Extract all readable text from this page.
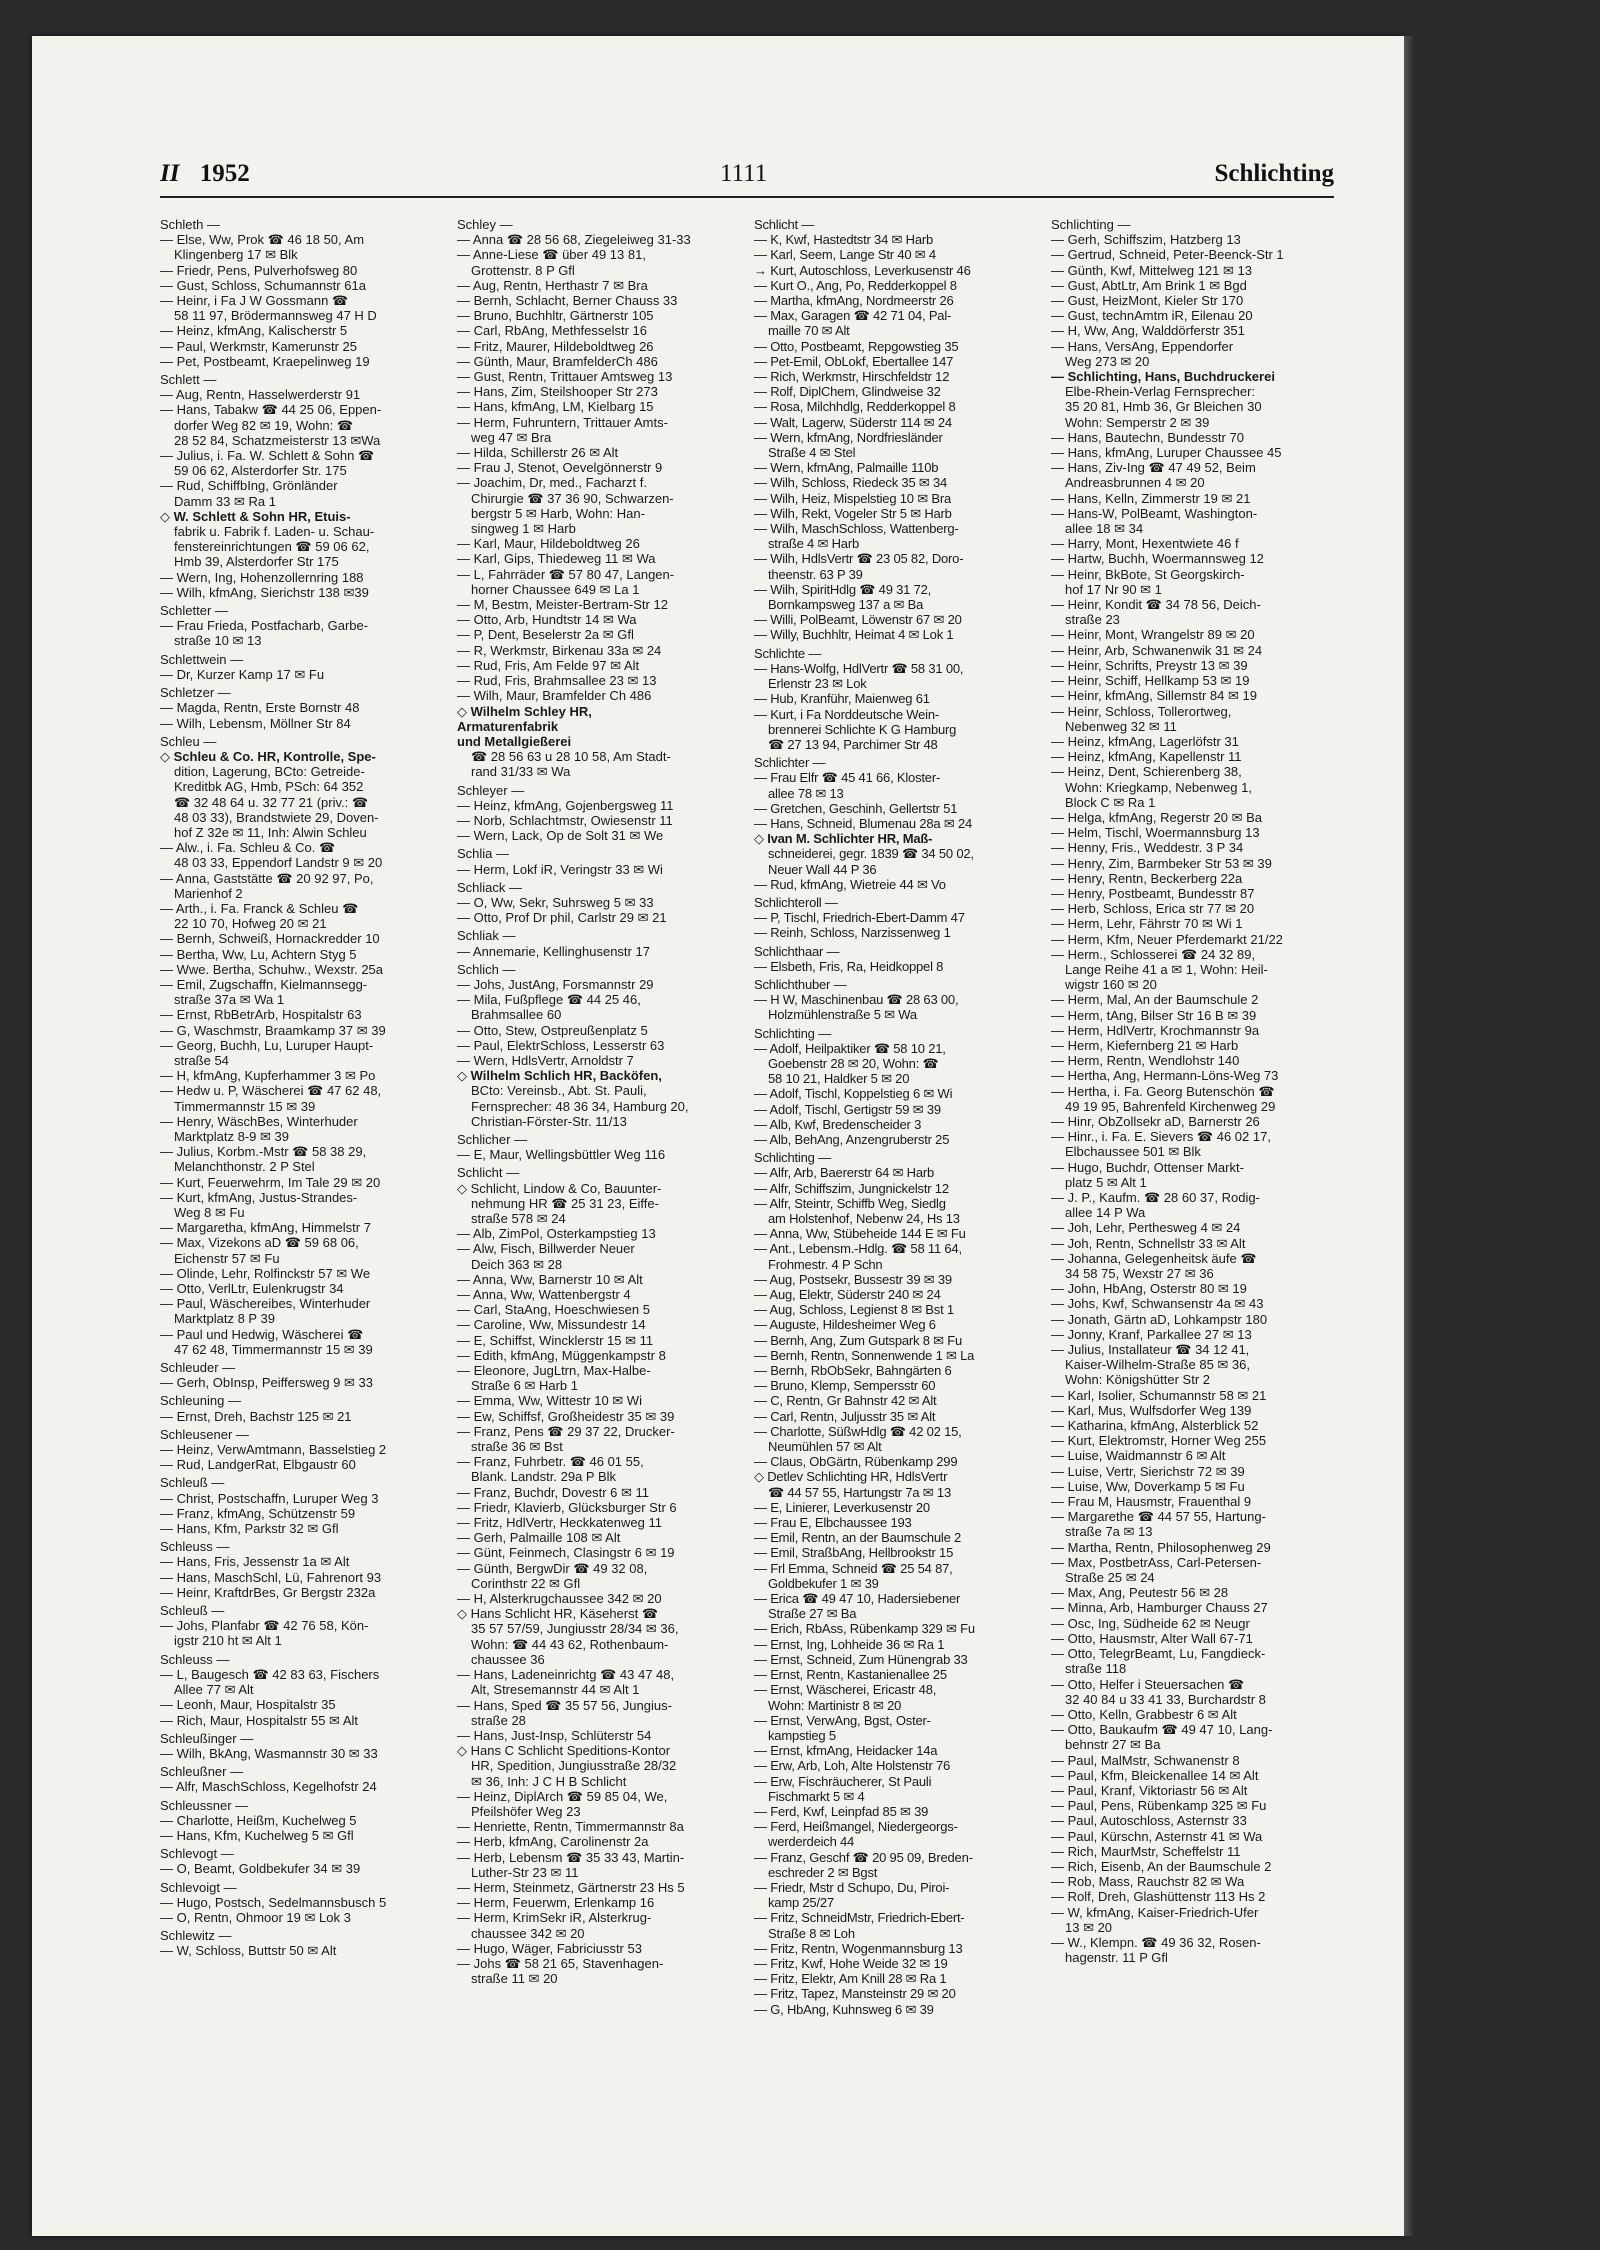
II 1952	1111	Schlichting
Schleth —
— Else, Ww, Prok ☎ 46 18 50, Am
Klingenberg 17 ✉ Blk
— Friedr, Pens, Pulverhofsweg 80
— Gust, Schloss, Schumannstr 61a
— Heinr, i Fa J W Gossmann ☎
58 11 97, Brödermannsweg 47 H D
— Heinz, kfmAng, Kalischerstr 5
— Paul, Werkmstr, Kamerunstr 25
— Pet, Postbeamt, Kraepelinweg 19
Schlett —
— Aug, Rentn, Hasselwerderstr 91
— Hans, Tabakw ☎ 44 25 06, Eppen-
dorfer Weg 82 ✉ 19, Wohn: ☎
28 52 84, Schatzmeisterstr 13 ✉Wa
— Julius, i. Fa. W. Schlett & Sohn ☎
59 06 62, Alsterdorfer Str. 175
— Rud, SchiffbIng, Grönländer
Damm 33 ✉ Ra 1
◇ W. Schlett & Sohn HR, Etuis-
fabrik u. Fabrik f. Laden- u. Schau-
fenstereinrichtungen ☎ 59 06 62,
Hmb 39, Alsterdorfer Str 175
— Wern, Ing, Hohenzollernring 188
— Wilh, kfmAng, Sierichstr 138 ✉39
Schletter —
— Frau Frieda, Postfacharb, Garbe-
straße 10 ✉ 13
Schlettwein —
— Dr, Kurzer Kamp 17 ✉ Fu
Schletzer —
— Magda, Rentn, Erste Bornstr 48
— Wilh, Lebensm, Möllner Str 84
Schleu —
◇ Schleu & Co. HR, Kontrolle, Spe-
dition, Lagerung, BCto: Getreide-
Kreditbk AG, Hmb, PSch: 64 352
☎ 32 48 64 u. 32 77 21 (priv.: ☎
48 03 33), Brandstwiete 29, Doven-
hof Z 32e ✉ 11, Inh: Alwin Schleu
— Alw., i. Fa. Schleu & Co. ☎
48 03 33, Eppendorf Landstr 9 ✉ 20
— Anna, Gaststätte ☎ 20 92 97, Po,
Marienhof 2
— Arth., i. Fa. Franck & Schleu ☎
22 10 70, Hofweg 20 ✉ 21
— Bernh, Schweiß, Hornackredder 10
— Bertha, Ww, Lu, Achtern Styg 5
— Wwe. Bertha, Schuhw., Wexstr. 25a
— Emil, Zugschaffn, Kielmannsegg-
straße 37a ✉ Wa 1
— Ernst, RbBetrArb, Hospitalstr 63
— G, Waschmstr, Braamkamp 37 ✉ 39
— Georg, Buchh, Lu, Luruper Haupt-
straße 54
— H, kfmAng, Kupferhammer 3 ✉ Po
— Hedw u. P, Wäscherei ☎ 47 62 48,
Timmermannstr 15 ✉ 39
— Henry, WäschBes, Winterhuder
Marktplatz 8-9 ✉ 39
— Julius, Korbm.-Mstr ☎ 58 38 29,
Melanchthonstr. 2 P Stel
— Kurt, Feuerwehrm, Im Tale 29 ✉ 20
— Kurt, kfmAng, Justus-Strandes-
Weg 8 ✉ Fu
— Margaretha, kfmAng, Himmelstr 7
— Max, Vizekons aD ☎ 59 68 06,
Eichenstr 57 ✉ Fu
— Olinde, Lehr, Rolfinckstr 57 ✉ We
— Otto, VerlLtr, Eulenkrugstr 34
— Paul, Wäschereibes, Winterhuder
Marktplatz 8 P 39
— Paul und Hedwig, Wäscherei ☎
47 62 48, Timmermannstr 15 ✉ 39
Schleuder —
— Gerh, ObInsp, Peiffersweg 9 ✉ 33
Schleuning —
— Ernst, Dreh, Bachstr 125 ✉ 21
Schleusener —
— Heinz, VerwAmtmann, Basselstieg 2
— Rud, LandgerRat, Elbgaustr 60
Schleuß —
— Christ, Postschaffn, Luruper Weg 3
— Franz, kfmAng, Schützenstr 59
— Hans, Kfm, Parkstr 32 ✉ Gfl
Schleuss —
— Hans, Fris, Jessenstr 1a ✉ Alt
— Hans, MaschSchl, Lü, Fahrenort 93
— Heinr, KraftdrBes, Gr Bergstr 232a
Schleuß —
— Johs, Planfabr ☎ 42 76 58, Kön-
igstr 210 ht ✉ Alt 1
Schleuss —
— L, Baugesch ☎ 42 83 63, Fischers
Allee 77 ✉ Alt
— Leonh, Maur, Hospitalstr 35
— Rich, Maur, Hospitalstr 55 ✉ Alt
Schleußinger —
— Wilh, BkAng, Wasmannstr 30 ✉ 33
Schleußner —
— Alfr, MaschSchloss, Kegelhofstr 24
Schleussner —
— Charlotte, Heißm, Kuchelweg 5
— Hans, Kfm, Kuchelweg 5 ✉ Gfl
Schlevogt —
— O, Beamt, Goldbekufer 34 ✉ 39
Schlevoigt —
— Hugo, Postsch, Sedelmannsbusch 5
— O, Rentn, Ohmoor 19 ✉ Lok 3
Schlewitz —
— W, Schloss, Buttstr 50 ✉ Alt
Schley —
— Anna ☎ 28 56 68, Ziegeleiweg 31-33
— Anne-Liese ☎ über 49 13 81,
Grottenstr. 8 P Gfl
— Aug, Rentn, Herthastr 7 ✉ Bra
— Bernh, Schlacht, Berner Chauss 33
— Bruno, Buchhltr, Gärtnerstr 105
— Carl, RbAng, Methfesselstr 16
— Fritz, Maurer, Hildeboldtweg 26
— Günth, Maur, BramfelderCh 486
— Gust, Rentn, Trittauer Amtsweg 13
— Hans, Zim, Steilshooper Str 273
— Hans, kfmAng, LM, Kielbarg 15
— Herm, Fuhruntern, Trittauer Amts-
weg 47 ✉ Bra
— Hilda, Schillerstr 26 ✉ Alt
— Frau J, Stenot, Oevelgönnerstr 9
— Joachim, Dr, med., Facharzt f.
Chirurgie ☎ 37 36 90, Schwarzen-
bergstr 5 ✉ Harb, Wohn: Han-
singweg 1 ✉ Harb
— Karl, Maur, Hildeboldtweg 26
— Karl, Gips, Thiedeweg 11 ✉ Wa
— L, Fahrräder ☎ 57 80 47, Langen-
horner Chaussee 649 ✉ La 1
— M, Bestm, Meister-Bertram-Str 12
— Otto, Arb, Hundtstr 14 ✉ Wa
— P, Dent, Beselerstr 2a ✉ Gfl
— R, Werkmstr, Birkenau 33a ✉ 24
— Rud, Fris, Am Felde 97 ✉ Alt
— Rud, Fris, Brahmsallee 23 ✉ 13
— Wilh, Maur, Bramfelder Ch 486
◇ Wilhelm Schley HR,
Armaturenfabrik
und Metallgießerei
☎ 28 56 63 u 28 10 58, Am Stadt-
rand 31/33 ✉ Wa
Schleyer —
— Heinz, kfmAng, Gojenbergsweg 11
— Norb, Schlachtmstr, Owiesenstr 11
— Wern, Lack, Op de Solt 31 ✉ We
Schlia —
— Herm, Lokf iR, Veringstr 33 ✉ Wi
Schliack —
— O, Ww, Sekr, Suhrsweg 5 ✉ 33
— Otto, Prof Dr phil, Carlstr 29 ✉ 21
Schliak —
— Annemarie, Kellinghusenstr 17
Schlich —
— Johs, JustAng, Forsmannstr 29
— Mila, Fußpflege ☎ 44 25 46,
Brahmsallee 60
— Otto, Stew, Ostpreußenplatz 5
— Paul, ElektrSchloss, Lesserstr 63
— Wern, HdlsVertr, Arnoldstr 7
◇ Wilhelm Schlich HR, Backöfen,
BCto: Vereinsb., Abt. St. Pauli,
Fernsprecher: 48 36 34, Hamburg 20,
Christian-Förster-Str. 11/13
Schlicher —
— E, Maur, Wellingsbüttler Weg 116
Schlicht —
◇ Schlicht, Lindow & Co, Bauunter-
nehmung HR ☎ 25 31 23, Eiffe-
straße 578 ✉ 24
— Alb, ZimPol, Osterkampstieg 13
— Alw, Fisch, Billwerder Neuer
Deich 363 ✉ 28
— Anna, Ww, Barnerstr 10 ✉ Alt
— Anna, Ww, Wattenbergstr 4
— Carl, StaAng, Hoeschwiesen 5
— Caroline, Ww, Missundestr 14
— E, Schiffst, Wincklerstr 15 ✉ 11
— Edith, kfmAng, Müggenkampstr 8
— Eleonore, JugLtrn, Max-Halbe-
Straße 6 ✉ Harb 1
— Emma, Ww, Wittestr 10 ✉ Wi
— Ew, Schiffsf, Großheidestr 35 ✉ 39
— Franz, Pens ☎ 29 37 22, Drucker-
straße 36 ✉ Bst
— Franz, Fuhrbetr. ☎ 46 01 55,
Blank. Landstr. 29a P Blk
— Franz, Buchdr, Dovestr 6 ✉ 11
— Friedr, Klavierb, Glücksburger Str 6
— Fritz, HdlVertr, Heckkatenweg 11
— Gerh, Palmaille 108 ✉ Alt
— Günt, Feinmech, Clasingstr 6 ✉ 19
— Günth, BergwDir ☎ 49 32 08,
Corinthstr 22 ✉ Gfl
— H, Alsterkrugchaussee 342 ✉ 20
◇ Hans Schlicht HR, Käseherst ☎
35 57 57/59, Jungiusstr 28/34 ✉ 36,
Wohn: ☎ 44 43 62, Rothenbaum-
chaussee 36
— Hans, Ladeneinrichtg ☎ 43 47 48,
Alt, Stresemannstr 44 ✉ Alt 1
— Hans, Sped ☎ 35 57 56, Jungius-
straße 28
— Hans, Just-Insp, Schlüterstr 54
◇ Hans C Schlicht Speditions-Kontor
HR, Spedition, Jungiusstraße 28/32
✉ 36, Inh: J C H B Schlicht
— Heinz, DiplArch ☎ 59 85 04, We,
Pfeilshöfer Weg 23
— Henriette, Rentn, Timmermannstr 8a
— Herb, kfmAng, Carolinenstr 2a
— Herb, Lebensm ☎ 35 33 43, Martin-
Luther-Str 23 ✉ 11
— Herm, Steinmetz, Gärtnerstr 23 Hs 5
— Herm, Feuerwm, Erlenkamp 16
— Herm, KrimSekr iR, Alsterkrug-
chaussee 342 ✉ 20
— Hugo, Wäger, Fabriciusstr 53
— Johs ☎ 58 21 65, Stavenhagen-
straße 11 ✉ 20
Schlicht —
— K, Kwf, Hastedtstr 34 ✉ Harb
— Karl, Seem, Lange Str 40 ✉ 4
→ Kurt, Autoschloss, Leverkusenstr 46
— Kurt O., Ang, Po, Redderkoppel 8
— Martha, kfmAng, Nordmeerstr 26
— Max, Garagen ☎ 42 71 04, Pal-
maille 70 ✉ Alt
— Otto, Postbeamt, Repgowstieg 35
— Pet-Emil, ObLokf, Ebertallee 147
— Rich, Werkmstr, Hirschfeldstr 12
— Rolf, DiplChem, Glindweise 32
— Rosa, Milchhdlg, Redderkoppel 8
— Walt, Lagerw, Süderstr 114 ✉ 24
— Wern, kfmAng, Nordfriesländer
Straße 4 ✉ Stel
— Wern, kfmAng, Palmaille 110b
— Wilh, Schloss, Riedeck 35 ✉ 34
— Wilh, Heiz, Mispelstieg 10 ✉ Bra
— Wilh, Rekt, Vogeler Str 5 ✉ Harb
— Wilh, MaschSchloss, Wattenberg-
straße 4 ✉ Harb
— Wilh, HdlsVertr ☎ 23 05 82, Doro-
theenstr. 63 P 39
— Wilh, SpiritHdlg ☎ 49 31 72,
Bornkampsweg 137 a ✉ Ba
— Willi, PolBeamt, Löwenstr 67 ✉ 20
— Willy, Buchhltr, Heimat 4 ✉ Lok 1
Schlichte —
— Hans-Wolfg, HdlVertr ☎ 58 31 00,
Erlenstr 23 ✉ Lok
— Hub, Kranführ, Maienweg 61
— Kurt, i Fa Norddeutsche Wein-
brennerei Schlichte K G Hamburg
☎ 27 13 94, Parchimer Str 48
Schlichter —
— Frau Elfr ☎ 45 41 66, Kloster-
allee 78 ✉ 13
— Gretchen, Geschinh, Gellertstr 51
— Hans, Schneid, Blumenau 28a ✉ 24
◇ Ivan M. Schlichter HR, Maß-
schneiderei, gegr. 1839 ☎ 34 50 02,
Neuer Wall 44 P 36
— Rud, kfmAng, Wietreie 44 ✉ Vo
Schlichteroll —
— P, Tischl, Friedrich-Ebert-Damm 47
— Reinh, Schloss, Narzissenweg 1
Schlichthaar —
— Elsbeth, Fris, Ra, Heidkoppel 8
Schlichthuber —
— H W, Maschinenbau ☎ 28 63 00,
Holzmühlenstraße 5 ✉ Wa
Schlichting —
— Adolf, Heilpaktiker ☎ 58 10 21,
Goebenstr 28 ✉ 20, Wohn: ☎
58 10 21, Haldker 5 ✉ 20
— Adolf, Tischl, Koppelstieg 6 ✉ Wi
— Adolf, Tischl, Gertigstr 59 ✉ 39
— Alb, Kwf, Bredenscheider 3
— Alb, BehAng, Anzengruberstr 25
Schlichting —
— Alfr, Arb, Baererstr 64 ✉ Harb
— Alfr, Schiffszim, Jungnickelstr 12
— Alfr, Steintr, Schiffb Weg, Siedlg
am Holstenhof, Nebenw 24, Hs 13
— Anna, Ww, Stübeheide 144 E ✉ Fu
— Ant., Lebensm.-Hdlg. ☎ 58 11 64,
Frohmestr. 4 P Schn
— Aug, Postsekr, Bussestr 39 ✉ 39
— Aug, Elektr, Süderstr 240 ✉ 24
— Aug, Schloss, Legienst 8 ✉ Bst 1
— Auguste, Hildesheimer Weg 6
— Bernh, Ang, Zum Gutspark 8 ✉ Fu
— Bernh, Rentn, Sonnenwende 1 ✉ La
— Bernh, RbObSekr, Bahngärten 6
— Bruno, Klemp, Sempersstr 60
— C, Rentn, Gr Bahnstr 42 ✉ Alt
— Carl, Rentn, Juljusstr 35 ✉ Alt
— Charlotte, SüßwHdlg ☎ 42 02 15,
Neumühlen 57 ✉ Alt
— Claus, ObGärtn, Rübenkamp 299
◇ Detlev Schlichting HR, HdlsVertr
☎ 44 57 55, Hartungstr 7a ✉ 13
— E, Linierer, Leverkusenstr 20
— Frau E, Elbchaussee 193
— Emil, Rentn, an der Baumschule 2
— Emil, StraßbAng, Hellbrookstr 15
— Frl Emma, Schneid ☎ 25 54 87,
Goldbekufer 1 ✉ 39
— Erica ☎ 49 47 10, Hadersiebener
Straße 27 ✉ Ba
— Erich, RbAss, Rübenkamp 329 ✉ Fu
— Ernst, Ing, Lohheide 36 ✉ Ra 1
— Ernst, Schneid, Zum Hünengrab 33
— Ernst, Rentn, Kastanienallee 25
— Ernst, Wäscherei, Ericastr 48,
Wohn: Martinistr 8 ✉ 20
— Ernst, VerwAng, Bgst, Oster-
kampstieg 5
— Ernst, kfmAng, Heidacker 14a
— Erw, Arb, Loh, Alte Holstenstr 76
— Erw, Fischräucherer, St Pauli
Fischmarkt 5 ✉ 4
— Ferd, Kwf, Leinpfad 85 ✉ 39
— Ferd, Heißmangel, Niedergeorgs-
werderdeich 44
— Franz, Geschf ☎ 20 95 09, Breden-
eschreder 2 ✉ Bgst
— Friedr, Mstr d Schupo, Du, Piroi-
kamp 25/27
— Fritz, SchneidMstr, Friedrich-Ebert-
Straße 8 ✉ Loh
— Fritz, Rentn, Wogenmannsburg 13
— Fritz, Kwf, Hohe Weide 32 ✉ 19
— Fritz, Elektr, Am Knill 28 ✉ Ra 1
— Fritz, Tapez, Mansteinstr 29 ✉ 20
— G, HbAng, Kuhnsweg 6 ✉ 39
Schlichting —
— Gerh, Schiffszim, Hatzberg 13
— Gertrud, Schneid, Peter-Beenck-Str 1
— Günth, Kwf, Mittelweg 121 ✉ 13
— Gust, AbtLtr, Am Brink 1 ✉ Bgd
— Gust, HeizMont, Kieler Str 170
— Gust, technAmtm iR, Eilenau 20
— H, Ww, Ang, Walddörferstr 351
— Hans, VersAng, Eppendorfer
Weg 273 ✉ 20
— Schlichting, Hans, Buchdruckerei
Elbe-Rhein-Verlag Fernsprecher:
35 20 81, Hmb 36, Gr Bleichen 30
Wohn: Semperstr 2 ✉ 39
— Hans, Bautechn, Bundesstr 70
— Hans, kfmAng, Luruper Chaussee 45
— Hans, Ziv-Ing ☎ 47 49 52, Beim
Andreasbrunnen 4 ✉ 20
— Hans, Kelln, Zimmerstr 19 ✉ 21
— Hans-W, PolBeamt, Washington-
allee 18 ✉ 34
— Harry, Mont, Hexentwiete 46 f
— Hartw, Buchh, Woermannsweg 12
— Heinr, BkBote, St Georgskirch-
hof 17 Nr 90 ✉ 1
— Heinr, Kondit ☎ 34 78 56, Deich-
straße 23
— Heinr, Mont, Wrangelstr 89 ✉ 20
— Heinr, Arb, Schwanenwik 31 ✉ 24
— Heinr, Schrifts, Preystr 13 ✉ 39
— Heinr, Schiff, Hellkamp 53 ✉ 19
— Heinr, kfmAng, Sillemstr 84 ✉ 19
— Heinr, Schloss, Tollerortweg,
Nebenweg 32 ✉ 11
— Heinz, kfmAng, Lagerlöfstr 31
— Heinz, kfmAng, Kapellenstr 11
— Heinz, Dent, Schierenberg 38,
Wohn: Kriegkamp, Nebenweg 1,
Block C ✉ Ra 1
— Helga, kfmAng, Regerstr 20 ✉ Ba
— Helm, Tischl, Woermannsburg 13
— Henny, Fris., Weddestr. 3 P 34
— Henry, Zim, Barmbeker Str 53 ✉ 39
— Henry, Rentn, Beckerberg 22a
— Henry, Postbeamt, Bundesstr 87
— Herb, Schloss, Erica str 77 ✉ 20
— Herm, Lehr, Fährstr 70 ✉ Wi 1
— Herm, Kfm, Neuer Pferdemarkt 21/22
— Herm., Schlosserei ☎ 24 32 89,
Lange Reihe 41 a ✉ 1, Wohn: Heil-
wigstr 160 ✉ 20
— Herm, Mal, An der Baumschule 2
— Herm, tAng, Bilser Str 16 B ✉ 39
— Herm, HdlVertr, Krochmannstr 9a
— Herm, Kiefernberg 21 ✉ Harb
— Herm, Rentn, Wendlohstr 140
— Hertha, Ang, Hermann-Löns-Weg 73
— Hertha, i. Fa. Georg Butenschön ☎
49 19 95, Bahrenfeld Kirchenweg 29
— Hinr, ObZollsekr aD, Barnerstr 26
— Hinr., i. Fa. E. Sievers ☎ 46 02 17,
Elbchaussee 501 ✉ Blk
— Hugo, Buchdr, Ottenser Markt-
platz 5 ✉ Alt 1
— J. P., Kaufm. ☎ 28 60 37, Rodig-
allee 14 P Wa
— Joh, Lehr, Perthesweg 4 ✉ 24
— Joh, Rentn, Schnellstr 33 ✉ Alt
— Johanna, Gelegenheitsk äufe ☎
34 58 75, Wexstr 27 ✉ 36
— John, HbAng, Osterstr 80 ✉ 19
— Johs, Kwf, Schwansenstr 4a ✉ 43
— Jonath, Gärtn aD, Lohkampstr 180
— Jonny, Kranf, Parkallee 27 ✉ 13
— Julius, Installateur ☎ 34 12 41,
Kaiser-Wilhelm-Straße 85 ✉ 36,
Wohn: Königshütter Str 2
— Karl, Isolier, Schumannstr 58 ✉ 21
— Karl, Mus, Wulfsdorfer Weg 139
— Katharina, kfmAng, Alsterblick 52
— Kurt, Elektromstr, Horner Weg 255
— Luise, Waidmannstr 6 ✉ Alt
— Luise, Vertr, Sierichstr 72 ✉ 39
— Luise, Ww, Doverkamp 5 ✉ Fu
— Frau M, Hausmstr, Frauenthal 9
— Margarethe ☎ 44 57 55, Hartung-
straße 7a ✉ 13
— Martha, Rentn, Philosophenweg 29
— Max, PostbetrAss, Carl-Petersen-
Straße 25 ✉ 24
— Max, Ang, Peutestr 56 ✉ 28
— Minna, Arb, Hamburger Chauss 27
— Osc, Ing, Südheide 62 ✉ Neugr
— Otto, Hausmstr, Alter Wall 67-71
— Otto, TelegrBeamt, Lu, Fangdieck-
straße 118
— Otto, Helfer i Steuersachen ☎
32 40 84 u 33 41 33, Burchardstr 8
— Otto, Kelln, Grabbestr 6 ✉ Alt
— Otto, Baukaufm ☎ 49 47 10, Lang-
behnstr 27 ✉ Ba
— Paul, MalMstr, Schwanenstr 8
— Paul, Kfm, Bleickenallee 14 ✉ Alt
— Paul, Kranf, Viktoriastr 56 ✉ Alt
— Paul, Pens, Rübenkamp 325 ✉ Fu
— Paul, Autoschloss, Asternstr 33
— Paul, Kürschn, Asternstr 41 ✉ Wa
— Rich, MaurMstr, Scheffelstr 11
— Rich, Eisenb, An der Baumschule 2
— Rob, Mass, Rauchstr 82 ✉ Wa
— Rolf, Dreh, Glashüttenstr 113 Hs 2
— W, kfmAng, Kaiser-Friedrich-Ufer
13 ✉ 20
— W., Klempn. ☎ 49 36 32, Rosen-
hagenstr. 11 P Gfl
